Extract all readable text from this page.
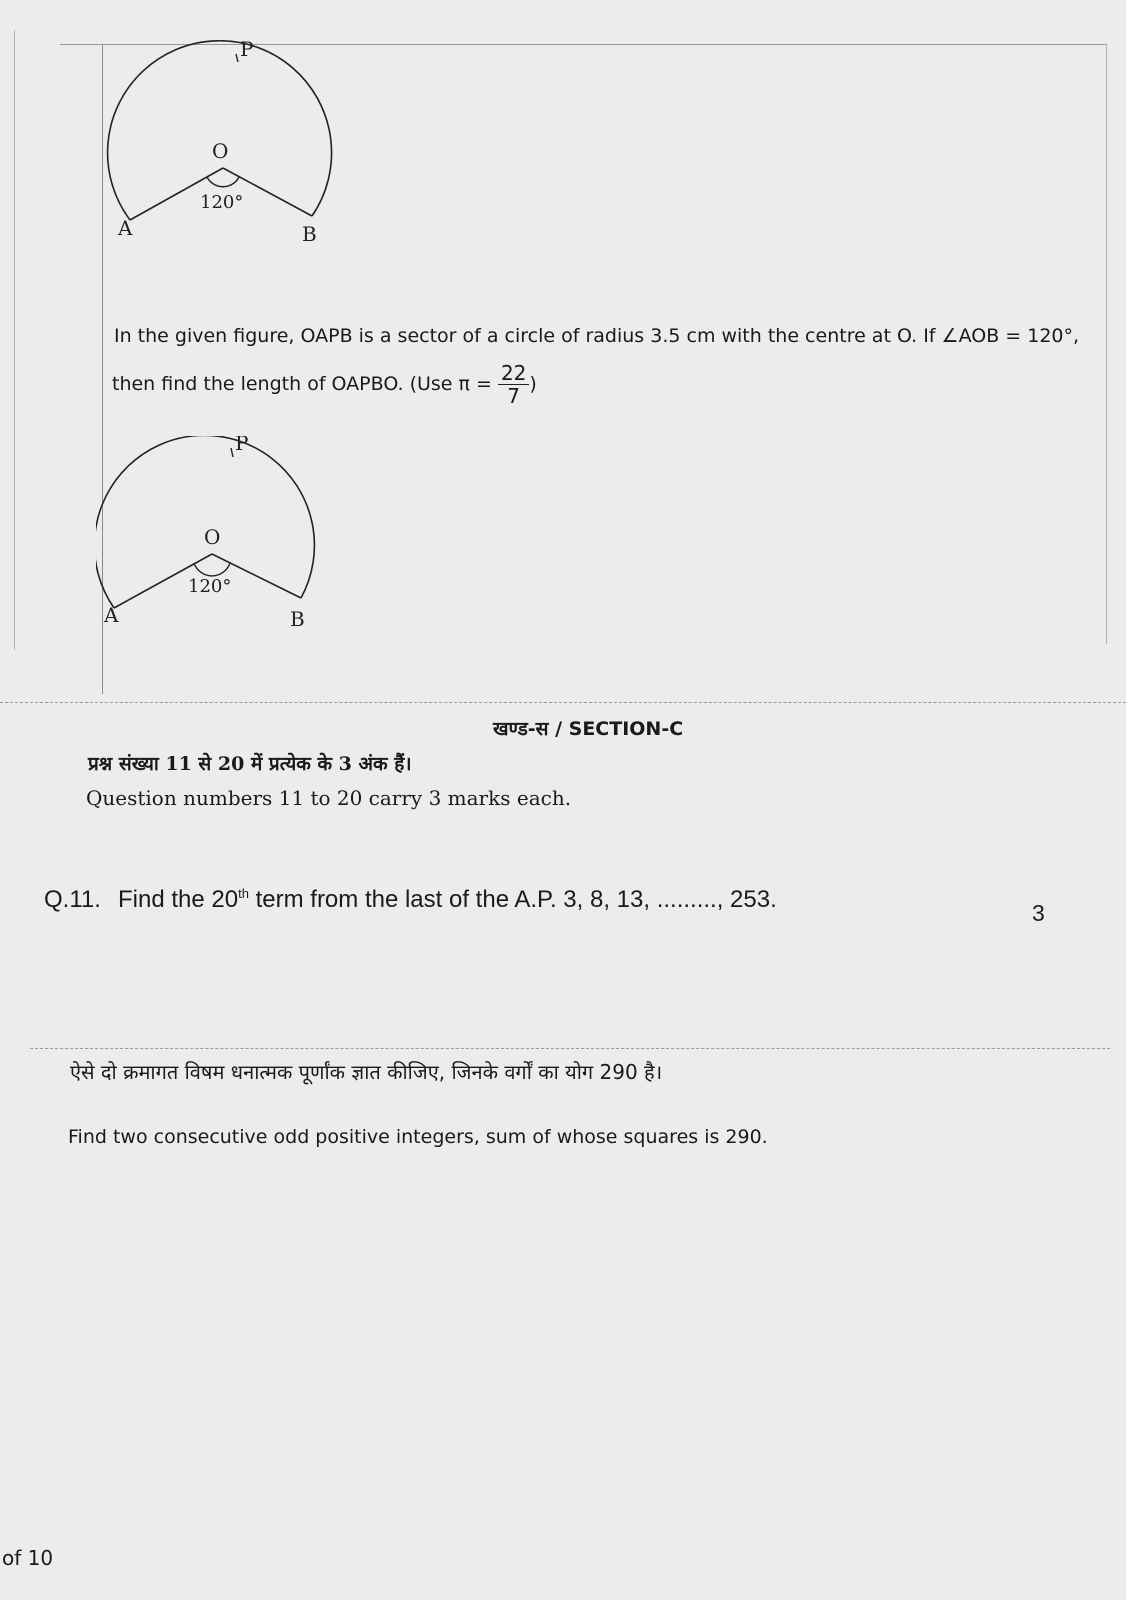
P
O
120°
A	B
In the given figure, OAPB is a sector of a circle of radius 3.5 cm with the centre at O. If ∠AOB = 120°,
then find the length of OAPBO. (Use $\pi = \frac{22}{7}$ )
P
O
120°
A	B
खण्ड-स / SECTION-C
प्रश्न संख्या 11 से 20 में प्रत्येक के 3 अंक हैं।
Question numbers 11 to 20 carry 3 marks each.
Q.11. Find the 20th term from the last of the A.P. 3, 8, 13, ........., 253.	3
ऐसे दो क्रमागत विषम धनात्मक पूर्णांक ज्ञात कीजिए, जिनके वर्गों का योग 290 है।
Find two consecutive odd positive integers, sum of whose squares is 290.
of 10
